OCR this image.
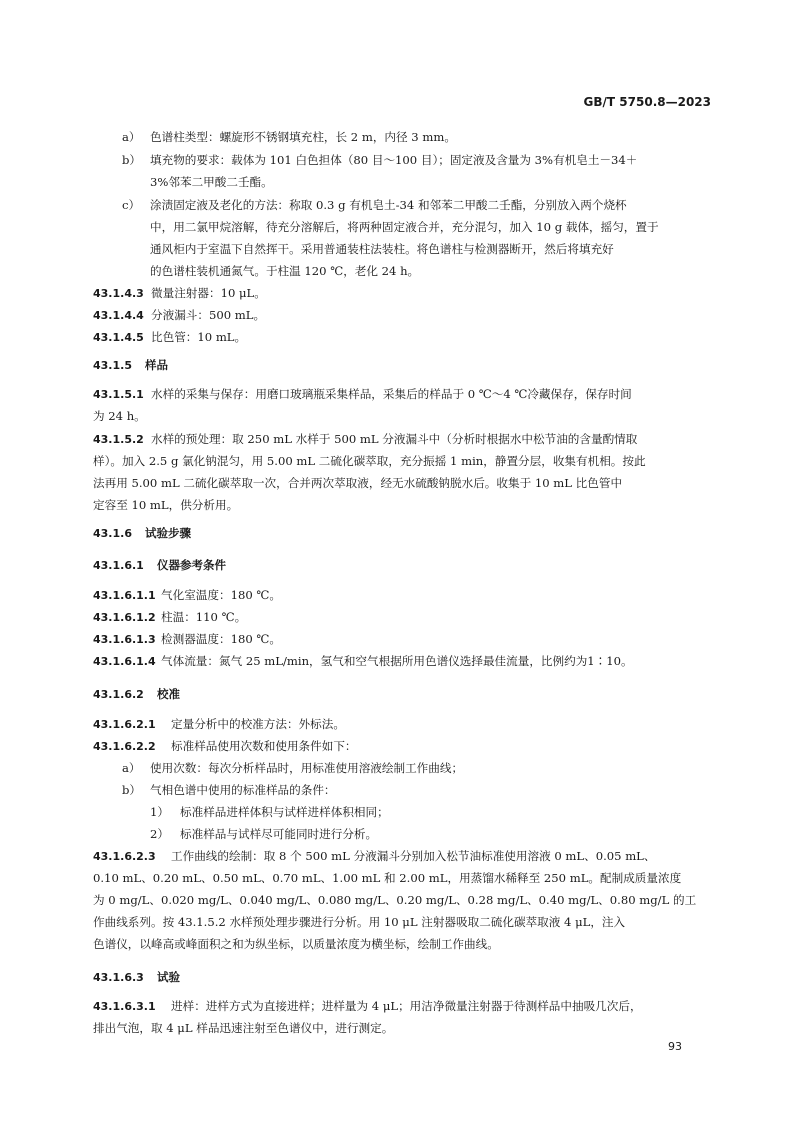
GB/T 5750.8—2023
a） 色谱柱类型：螺旋形不锈钢填充柱，长 2 m，内径 3 mm。
b） 填充物的要求：载体为 101 白色担体（80 目～100 目）；固定液及含量为 3%有机皂土－34＋
3%邻苯二甲酸二壬酯。
c） 涂渍固定液及老化的方法：称取 0.3 g 有机皂土-34 和邻苯二甲酸二壬酯，分别放入两个烧杯
中，用二氯甲烷溶解，待充分溶解后，将两种固定液合并，充分混匀，加入 10 g 载体，摇匀，置于
通风柜内于室温下自然挥干。采用普通装柱法装柱。将色谱柱与检测器断开，然后将填充好
的色谱柱装机通氮气。于柱温 120 ℃，老化 24 h。
43.1.4.3 微量注射器：10 μL。
43.1.4.4 分液漏斗：500 mL。
43.1.4.5 比色管：10 mL。
43.1.5 样品
43.1.5.1 水样的采集与保存：用磨口玻璃瓶采集样品，采集后的样品于 0 ℃～4 ℃冷藏保存，保存时间
为 24 h。
43.1.5.2 水样的预处理：取 250 mL 水样于 500 mL 分液漏斗中（分析时根据水中松节油的含量酌情取
样）。加入 2.5 g 氯化钠混匀，用 5.00 mL 二硫化碳萃取，充分振摇 1 min，静置分层，收集有机相。按此
法再用 5.00 mL 二硫化碳萃取一次，合并两次萃取液，经无水硫酸钠脱水后。收集于 10 mL 比色管中
定容至 10 mL，供分析用。
43.1.6 试验步骤
43.1.6.1 仪器参考条件
43.1.6.1.1 气化室温度：180 ℃。
43.1.6.1.2 柱温：110 ℃。
43.1.6.1.3 检测器温度：180 ℃。
43.1.6.1.4 气体流量：氮气 25 mL/min，氢气和空气根据所用色谱仪选择最佳流量，比例约为1∶10。
43.1.6.2 校准
43.1.6.2.1 定量分析中的校准方法：外标法。
43.1.6.2.2 标准样品使用次数和使用条件如下：
a） 使用次数：每次分析样品时，用标准使用溶液绘制工作曲线；
b） 气相色谱中使用的标准样品的条件：
1） 标准样品进样体积与试样进样体积相同；
2） 标准样品与试样尽可能同时进行分析。
43.1.6.2.3 工作曲线的绘制：取 8 个 500 mL 分液漏斗分别加入松节油标准使用溶液 0 mL、0.05 mL、
0.10 mL、0.20 mL、0.50 mL、0.70 mL、1.00 mL 和 2.00 mL，用蒸馏水稀释至 250 mL。配制成质量浓度
为 0 mg/L、0.020 mg/L、0.040 mg/L、0.080 mg/L、0.20 mg/L、0.28 mg/L、0.40 mg/L、0.80 mg/L 的工
作曲线系列。按 43.1.5.2 水样预处理步骤进行分析。用 10 μL 注射器吸取二硫化碳萃取液 4 μL，注入
色谱仪，以峰高或峰面积之和为纵坐标，以质量浓度为横坐标，绘制工作曲线。
43.1.6.3 试验
43.1.6.3.1 进样：进样方式为直接进样；进样量为 4 μL；用洁净微量注射器于待测样品中抽吸几次后，
排出气泡，取 4 μL 样品迅速注射至色谱仪中，进行测定。
93
